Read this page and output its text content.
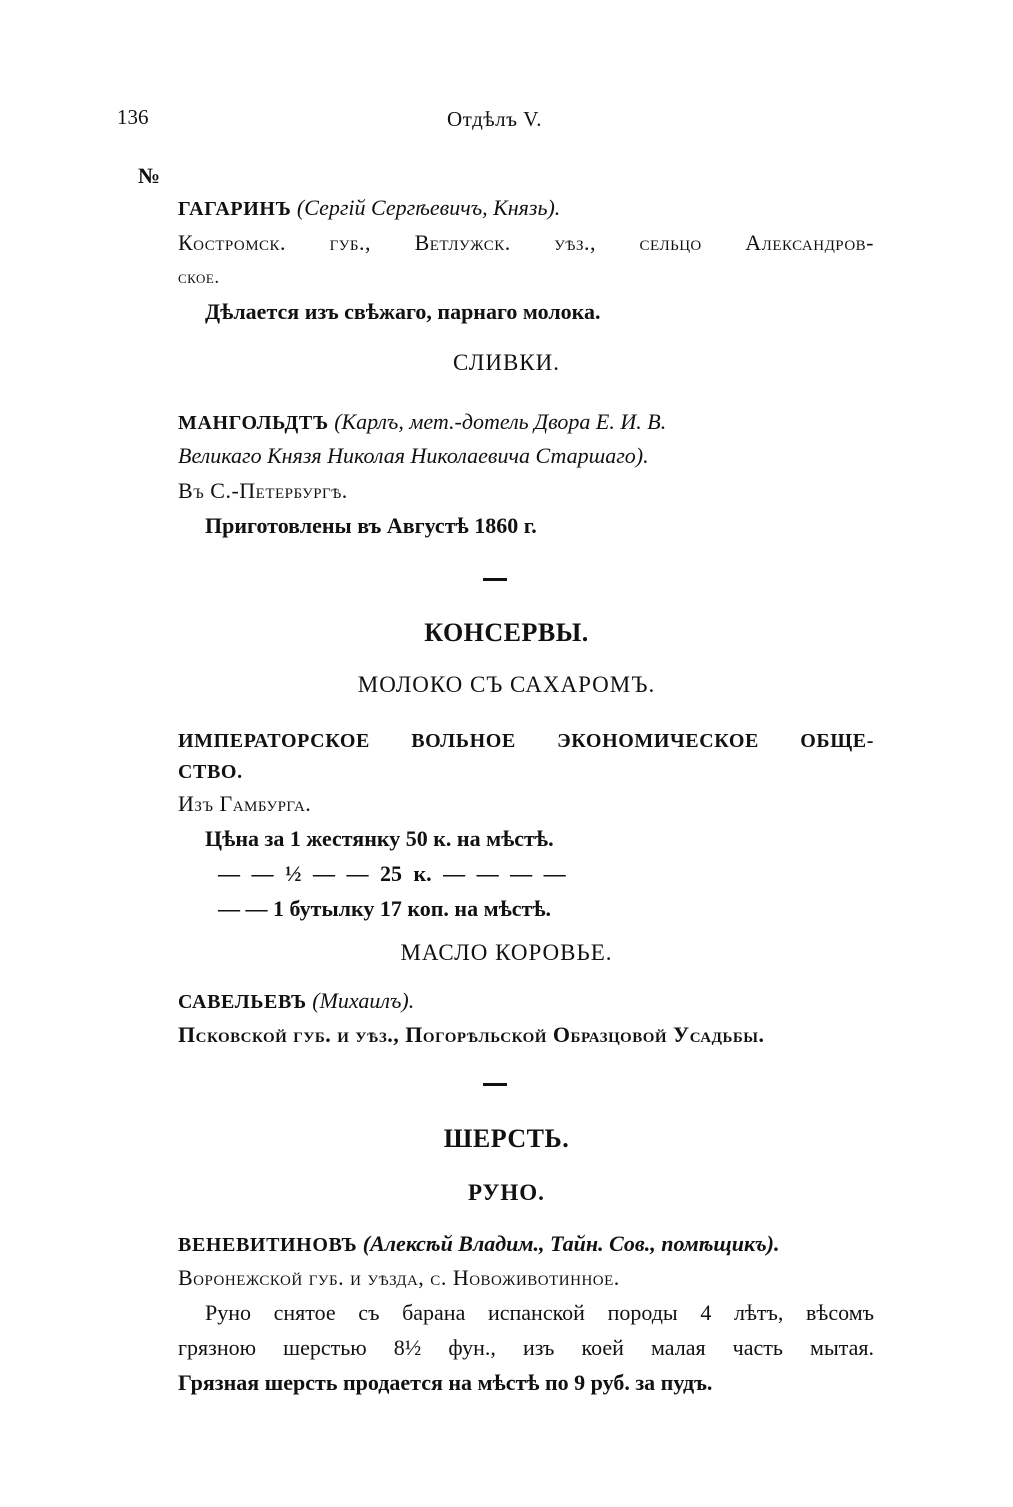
136	Отдѣлъ V.
№
ГАГАРИНЪ (Сергій Сергѣевичъ, Князь).
Костромск. губ., Ветлужск. уѣз., сельцо Александров-
ское.
Дѣлается изъ свѣжаго, парнаго молока.
СЛИВКИ.
МАНГОЛЬДТЪ (Карлъ, мет.-дотель Двора Е. И. В.
Великаго Князя Николая Николаевича Старшаго).
Въ С.-Петербургѣ.
Приготовлены въ Августѣ 1860 г.
КОНСЕРВЫ.
МОЛОКО СЪ САХАРОМЪ.
ИМПЕРАТОРСКОЕ ВОЛЬНОЕ ЭКОНОМИЧЕСКОЕ ОБЩЕ-
СТВО.
Изъ Гамбурга.
Цѣна за 1 жестянку 50 к. на мѣстѣ.
— — ½ — — 25 к. — — — —
— — 1 бутылку 17 коп. на мѣстѣ.
МАСЛО КОРОВЬЕ.
САВЕЛЬЕВЪ (Михаилъ).
Псковской губ. и уѣз., Погорѣльской Образцовой Усадьбы.
ШЕРСТЬ.
РУНО.
ВЕНЕВИТИНОВЪ (Алексѣй Владим., Тайн. Сов., помѣщикъ).
Воронежской губ. и уѣзда, с. Новоживотинное.
Руно снятое съ барана испанской породы 4 лѣтъ, вѣсомъ
грязною шерстью 8½ фун., изъ коей малая часть мытая.
Грязная шерсть продается на мѣстѣ по 9 руб. за пудъ.
